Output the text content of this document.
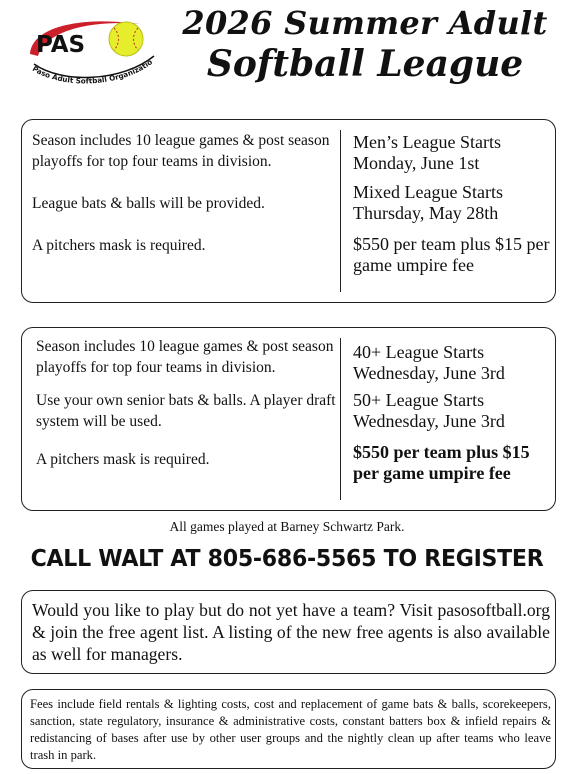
PAS
Paso Adult Softball Organizatio
2026 Summer Adult
Softball League
Season includes 10 league games & post season playoffs for top four teams in division.
League bats & balls will be provided.
A pitchers mask is required.
Men’s League Starts Monday, June 1st
Mixed League Starts Thursday, May 28th
$550 per team plus $15 per game umpire fee
Season includes 10 league games & post season playoffs for top four teams in division.
Use your own senior bats & balls. A player draft system will be used.
A pitchers mask is required.
40+ League Starts Wednesday, June 3rd
50+ League Starts Wednesday, June 3rd
$550 per team plus $15 per game umpire fee
All games played at Barney Schwartz Park.
CALL WALT AT 805-686-5565 TO REGISTER
Would you like to play but do not yet have a team? Visit pasosoftball.org & join the free agent list. A listing of the new free agents is also available as well for managers.
Fees include field rentals & lighting costs, cost and replacement of game bats & balls, scorekeepers, sanction, state regulatory, insurance & administrative costs, constant batters box & infield repairs & redistancing of bases after use by other user groups and the nightly clean up after teams who leave trash in park.
